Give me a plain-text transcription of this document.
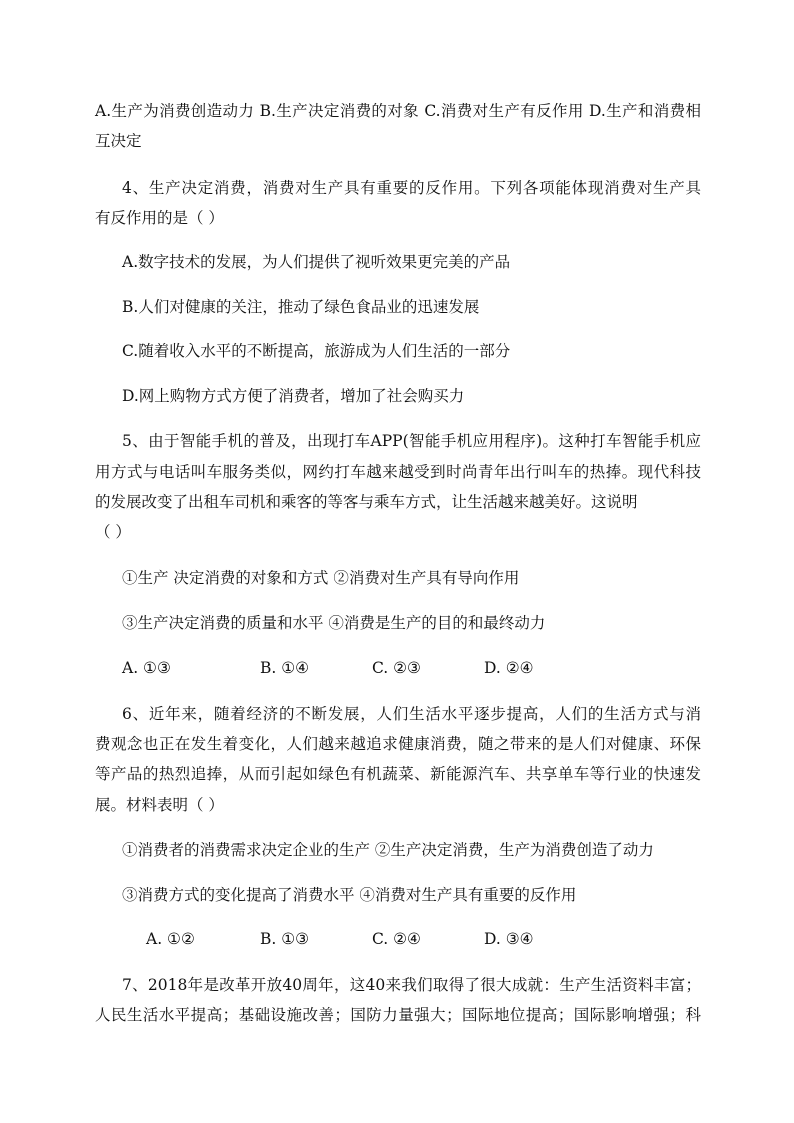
A.生产为消费创造动力 B.生产决定消费的对象 C.消费对生产有反作用 D.生产和消费相
互决定
4、生产决定消费，消费对生产具有重要的反作用。下列各项能体现消费对生产具
有反作用的是（ ）
A.数字技术的发展，为人们提供了视听效果更完美的产品
B.人们对健康的关注，推动了绿色食品业的迅速发展
C.随着收入水平的不断提高，旅游成为人们生活的一部分
D.网上购物方式方便了消费者，增加了社会购买力
5、由于智能手机的普及，出现打车APP(智能手机应用程序)。这种打车智能手机应
用方式与电话叫车服务类似，网约打车越来越受到时尚青年出行叫车的热捧。现代科技
的发展改变了出租车司机和乘客的等客与乘车方式，让生活越来越美好。这说明
（ ）
①生产 决定消费的对象和方式 ②消费对生产具有导向作用
③生产决定消费的质量和水平 ④消费是生产的目的和最终动力
A. ①③	B. ①④	C. ②③	D. ②④
6、近年来，随着经济的不断发展，人们生活水平逐步提高，人们的生活方式与消
费观念也正在发生着变化，人们越来越追求健康消费，随之带来的是人们对健康、环保
等产品的热烈追捧，从而引起如绿色有机蔬菜、新能源汽车、共享单车等行业的快速发
展。材料表明（ ）
①消费者的消费需求决定企业的生产 ②生产决定消费，生产为消费创造了动力
③消费方式的变化提高了消费水平 ④消费对生产具有重要的反作用
A. ①②	B. ①③	C. ②④	D. ③④
7、2018年是改革开放40周年，这40来我们取得了很大成就：生产生活资料丰富；
人民生活水平提高；基础设施改善；国防力量强大；国际地位提高；国际影响增强；科
